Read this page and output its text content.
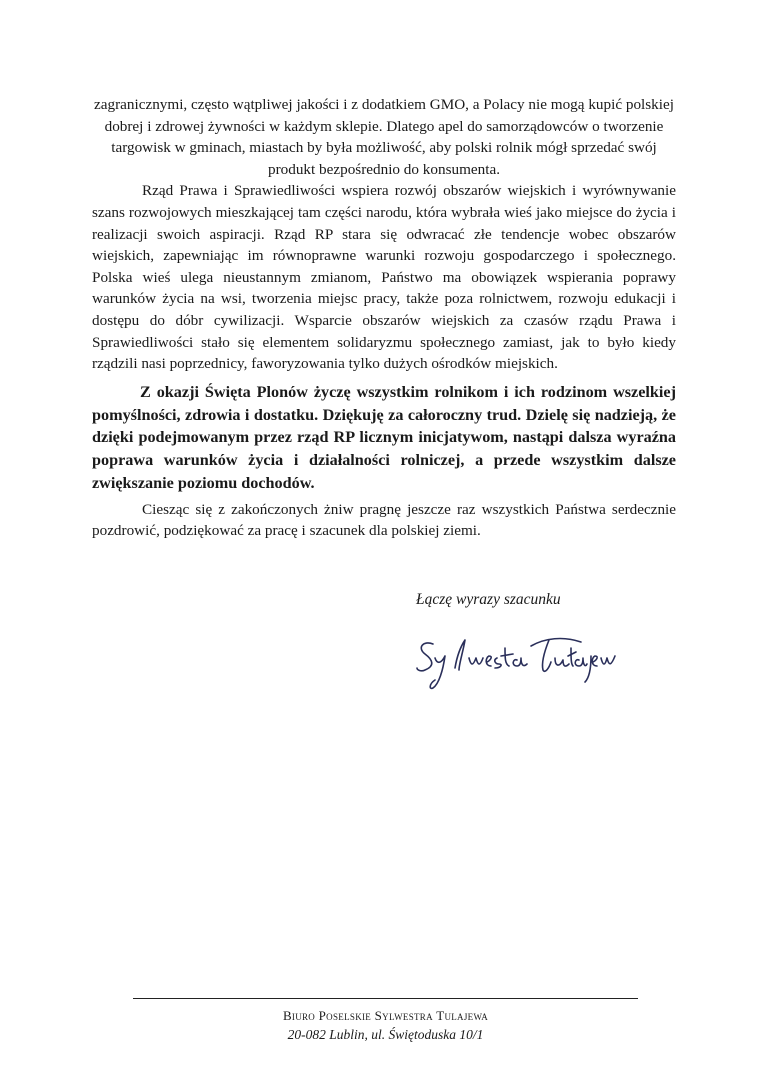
zagranicznymi, często wątpliwej jakości i z dodatkiem GMO, a Polacy nie mogą kupić polskiej dobrej i zdrowej żywności w każdym sklepie. Dlatego apel do samorządowców o tworzenie targowisk w gminach, miastach by była możliwość, aby polski rolnik mógł sprzedać swój produkt bezpośrednio do konsumenta.

Rząd Prawa i Sprawiedliwości wspiera rozwój obszarów wiejskich i wyrównywanie szans rozwojowych mieszkającej tam części narodu, która wybrała wieś jako miejsce do życia i realizacji swoich aspiracji. Rząd RP stara się odwracać złe tendencje wobec obszarów wiejskich, zapewniając im równoprawne warunki rozwoju gospodarczego i społecznego. Polska wieś ulega nieustannym zmianom, Państwo ma obowiązek wspierania poprawy warunków życia na wsi, tworzenia miejsc pracy, także poza rolnictwem, rozwoju edukacji i dostępu do dóbr cywilizacji. Wsparcie obszarów wiejskich za czasów rządu Prawa i Sprawiedliwości stało się elementem solidaryzmu społecznego zamiast, jak to było kiedy rządzili nasi poprzednicy, faworyzowania tylko dużych ośrodków miejskich.

Z okazji Święta Plonów życzę wszystkim rolnikom i ich rodzinom wszelkiej pomyślności, zdrowia i dostatku. Dziękuję za całoroczny trud. Dzielę się nadzieją, że dzięki podejmowanym przez rząd RP licznym inicjatywom, nastąpi dalsza wyraźna poprawa warunków życia i działalności rolniczej, a przede wszystkim dalsze zwiększanie poziomu dochodów.

Ciesząc się z zakończonych żniw pragnę jeszcze raz wszystkich Państwa serdecznie pozdrowić, podziękować za pracę i szacunek dla polskiej ziemi.

Łączę wyrazy szacunku
Biuro Poselskie Sylwestra Tulajewa
20-082 Lublin, ul. Świętoduska 10/1
